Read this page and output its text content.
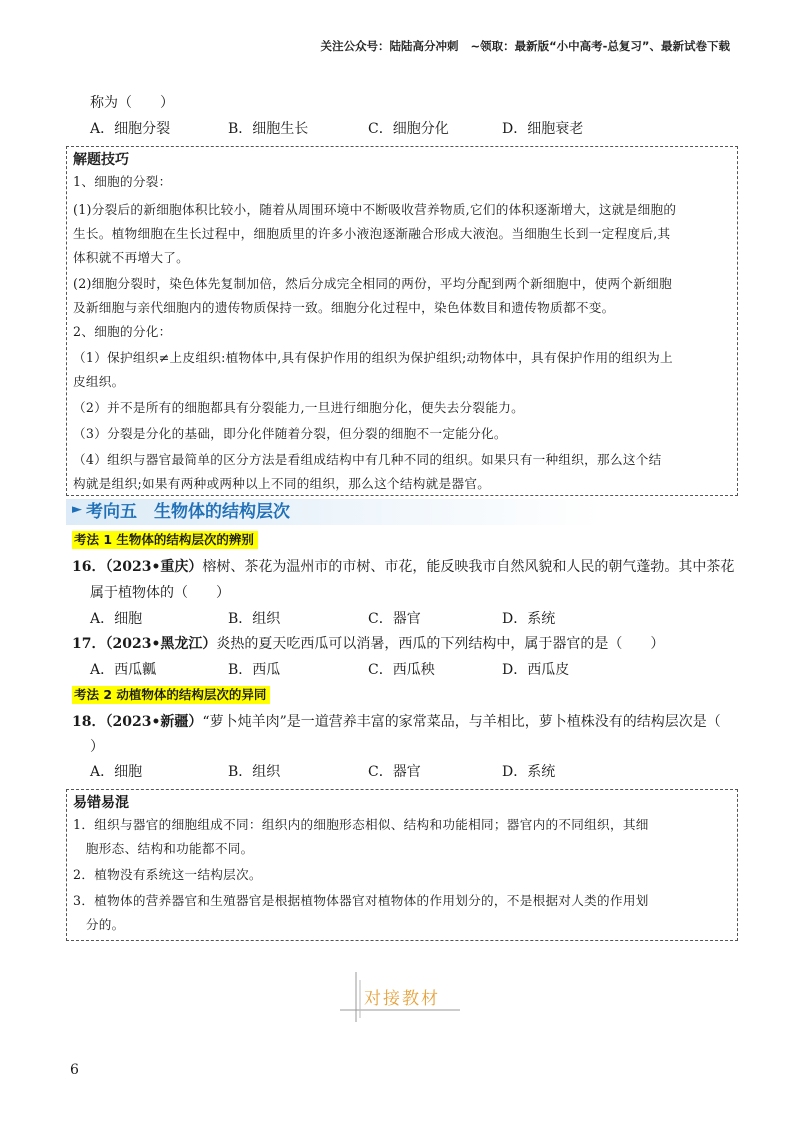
关注公众号：陆陆高分冲刺 ~领取：最新版“小中高考-总复习”、最新试卷下载
称为（　　）
A．细胞分裂	B．细胞生长	C．细胞分化	D．细胞衰老
解题技巧

1、细胞的分裂：

(1)分裂后的新细胞体积比较小，随着从周围环境中不断吸收营养物质,它们的体积逐渐增大，这就是细胞的

生长。植物细胞在生长过程中，细胞质里的许多小液泡逐渐融合形成大液泡。当细胞生长到一定程度后,其

体积就不再增大了。

(2)细胞分裂时，染色体先复制加倍，然后分成完全相同的两份，平均分配到两个新细胞中，使两个新细胞

及新细胞与亲代细胞内的遗传物质保持一致。细胞分化过程中，染色体数目和遗传物质都不变。

2、细胞的分化：

（1）保护组织≠上皮组织:植物体中,具有保护作用的组织为保护组织;动物体中，具有保护作用的组织为上

皮组织。

（2）并不是所有的细胞都具有分裂能力,一旦进行细胞分化，便失去分裂能力。

（3）分裂是分化的基础，即分化伴随着分裂，但分裂的细胞不一定能分化。

（4）组织与器官最简单的区分方法是看组成结构中有几种不同的组织。如果只有一种组织，那么这个结

构就是组织;如果有两种或两种以上不同的组织，那么这个结构就是器官。

► 考向五　生物体的结构层次
考法 1 生物体的结构层次的辨别
16．（2023•重庆）榕树、茶花为温州市的市树、市花，能反映我市自然风貌和人民的朝气蓬勃。其中茶花
属于植物体的（　　）
A．细胞	B．组织	C．器官	D．系统
17．（2023•黑龙江）炎热的夏天吃西瓜可以消暑，西瓜的下列结构中，属于器官的是（　　）
A．西瓜瓤	B．西瓜	C．西瓜秧	D．西瓜皮
考法 2 动植物体的结构层次的异同
18．（2023•新疆）“萝卜炖羊肉”是一道营养丰富的家常菜品，与羊相比，萝卜植株没有的结构层次是（
）
A．细胞	B．组织	C．器官	D．系统
易错易混

1．组织与器官的细胞组成不同：组织内的细胞形态相似、结构和功能相同；器官内的不同组织，其细

　胞形态、结构和功能都不同。

2．植物没有系统这一结构层次。

3．植物体的营养器官和生殖器官是根据植物体器官对植物体的作用划分的，不是根据对人类的作用划

　分的。

对接教材
6
